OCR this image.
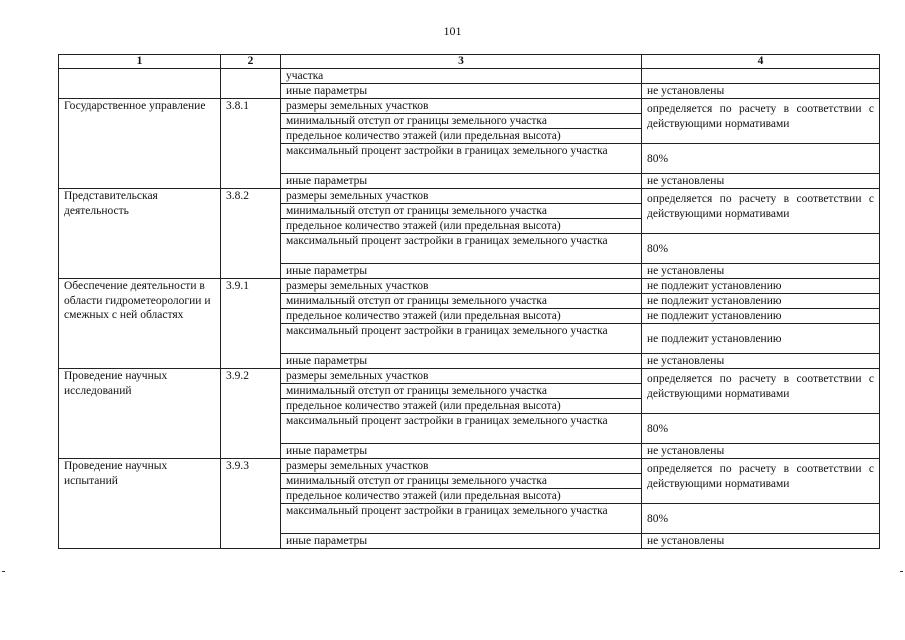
101
1	2	3	4
		участка	
		иные параметры	не установлены
Государственное управление	3.8.1	размеры земельных участков	определяется по расчету в соответствии с действующими нормативами
		минимальный отступ от границы земельного участка	
		предельное количество этажей (или предельная высота)	
		максимальный процент застройки в границах земельного участка	80%
		иные параметры	не установлены
Представительская деятельность	3.8.2	размеры земельных участков	определяется по расчету в соответствии с действующими нормативами
		минимальный отступ от границы земельного участка	
		предельное количество этажей (или предельная высота)	
		максимальный процент застройки в границах земельного участка	80%
		иные параметры	не установлены
Обеспечение деятельности в области гидрометеорологии и смежных с ней областях	3.9.1	размеры земельных участков	не подлежит установлению
		минимальный отступ от границы земельного участка	не подлежит установлению
		предельное количество этажей (или предельная высота)	не подлежит установлению
		максимальный процент застройки в границах земельного участка	не подлежит установлению
		иные параметры	не установлены
Проведение научных исследований	3.9.2	размеры земельных участков	определяется по расчету в соответствии с действующими нормативами
		минимальный отступ от границы земельного участка	
		предельное количество этажей (или предельная высота)	
		максимальный процент застройки в границах земельного участка	80%
		иные параметры	не установлены
Проведение научных испытаний	3.9.3	размеры земельных участков	определяется по расчету в соответствии с действующими нормативами
		минимальный отступ от границы земельного участка	
		предельное количество этажей (или предельная высота)	
		максимальный процент застройки в границах земельного участка	80%
		иные параметры	не установлены
